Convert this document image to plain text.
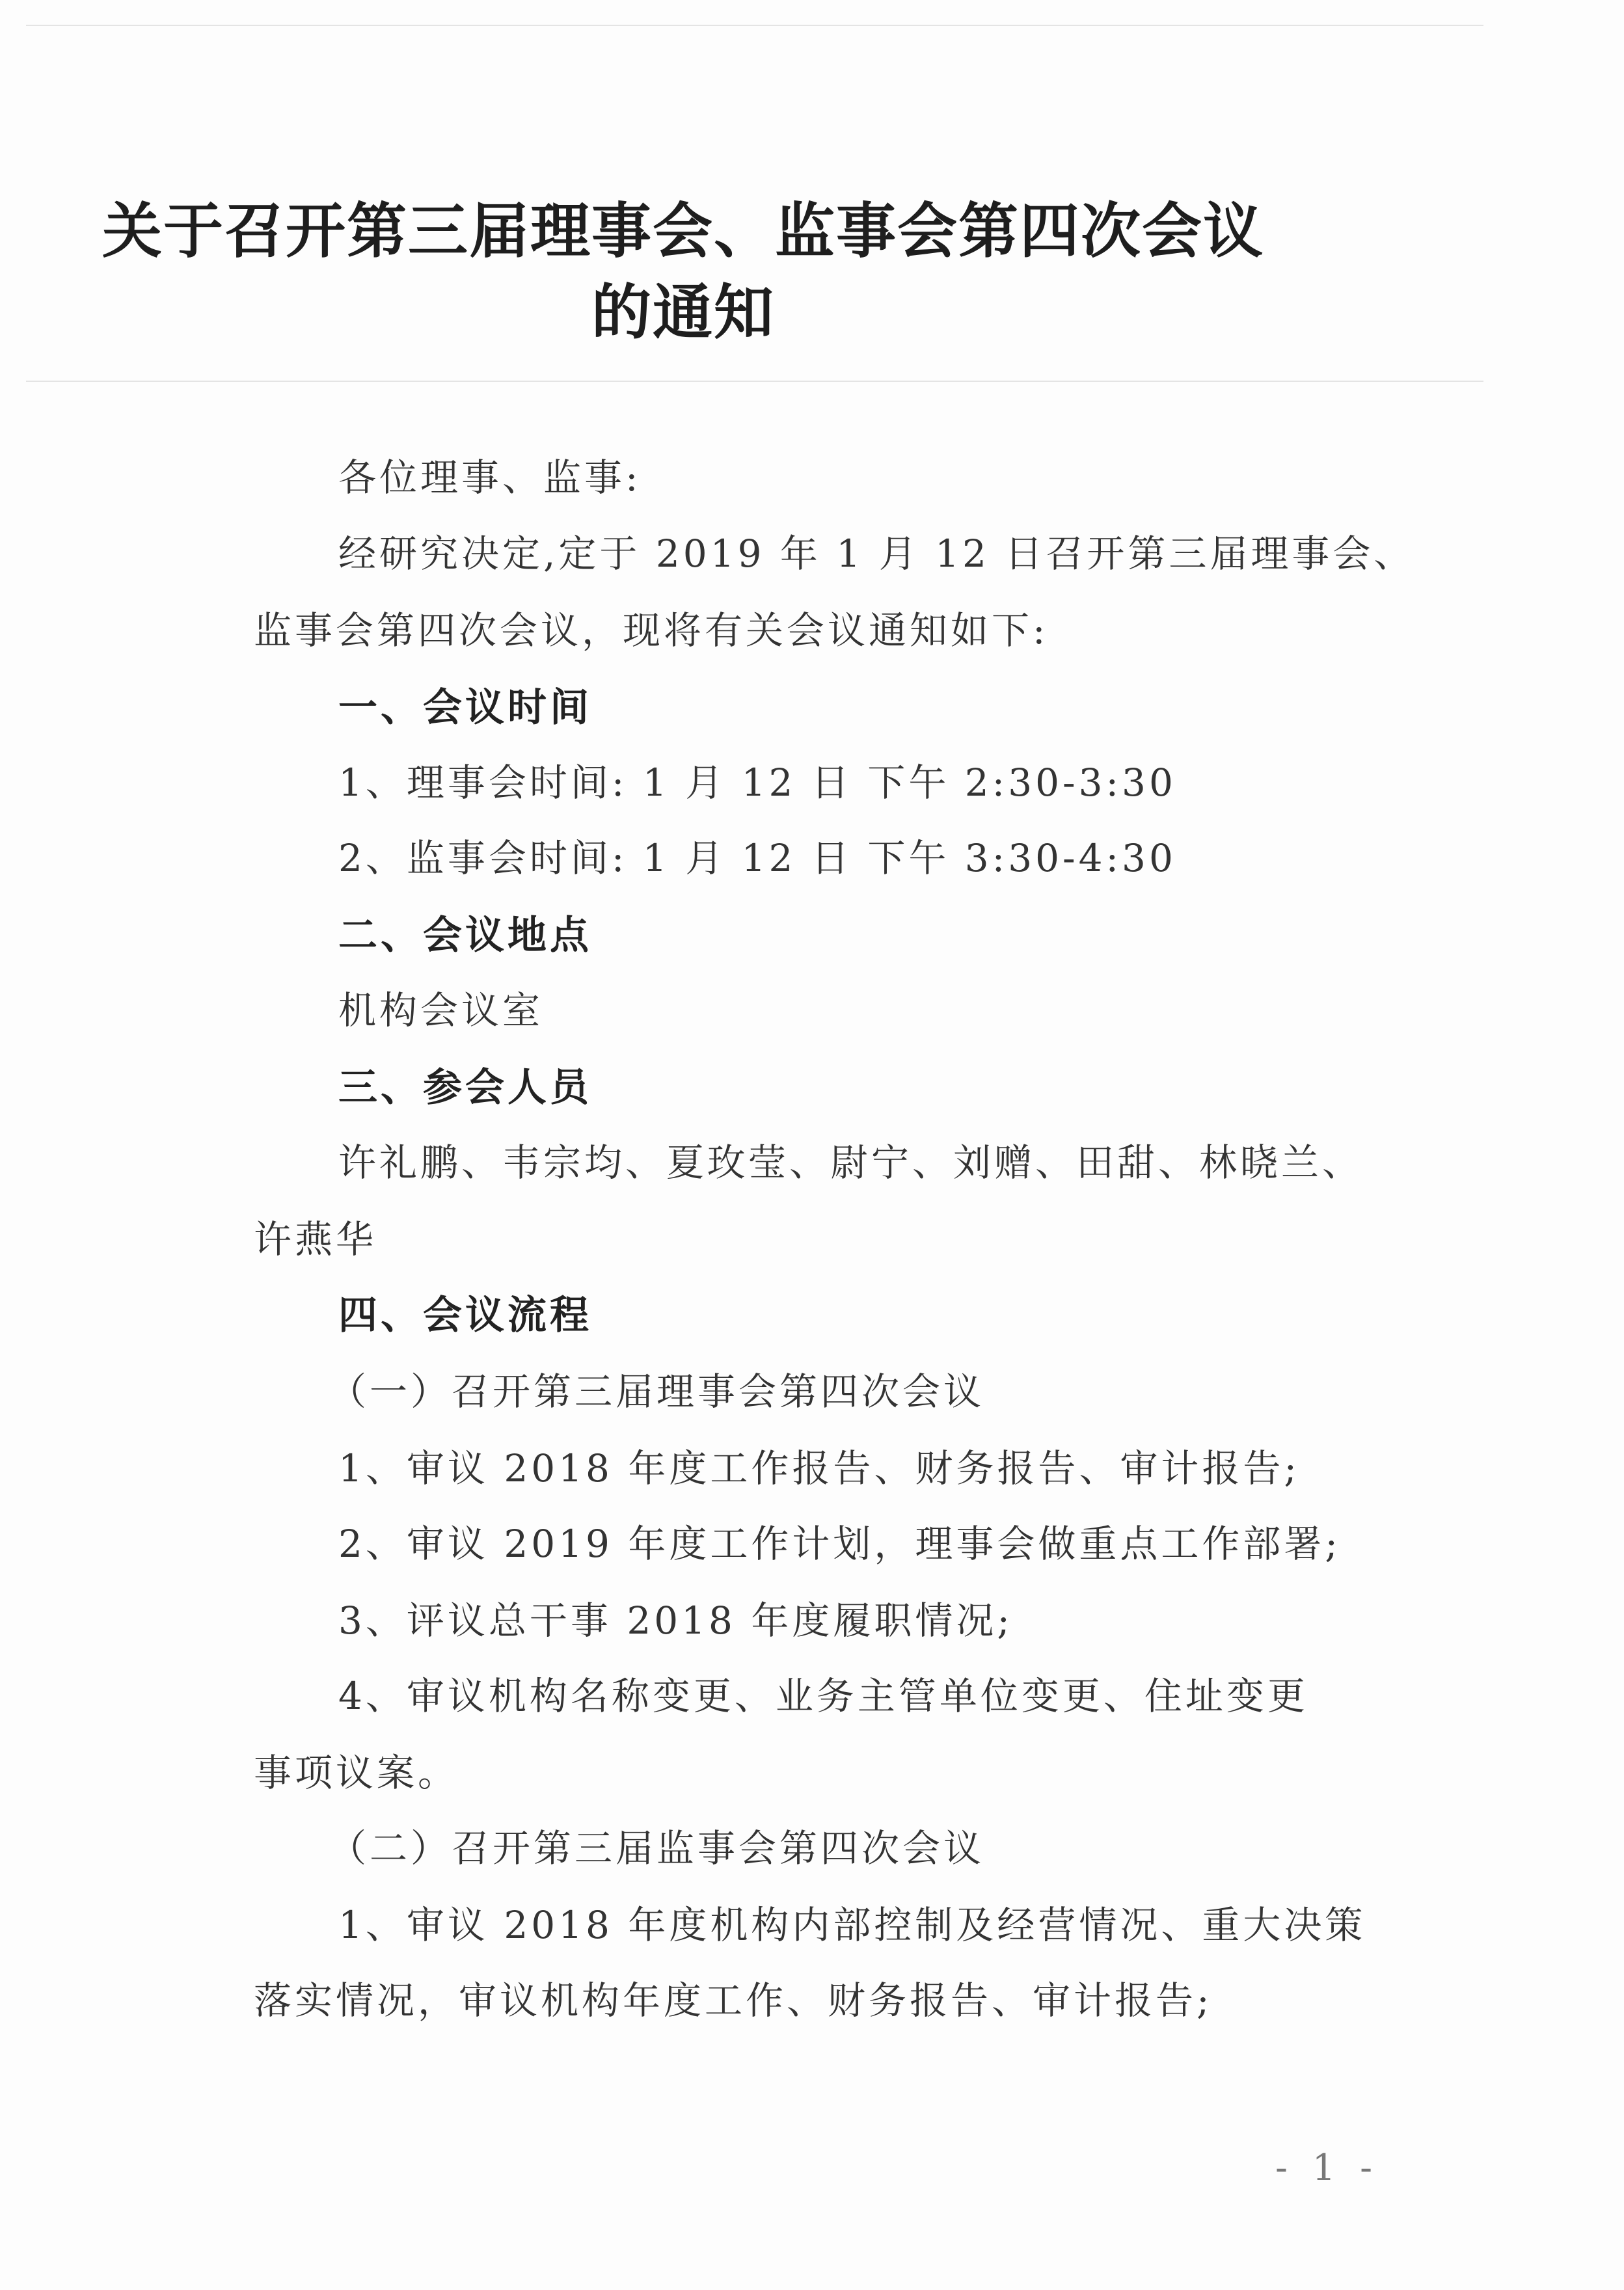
关于召开第三届理事会、监事会第四次会议
的通知
各位理事、监事:
经研究决定,定于 2019 年 1 月 12 日召开第三届理事会、
监事会第四次会议，现将有关会议通知如下:
一、会议时间
1、理事会时间: 1 月 12 日 下午 2:30-3:30
2、监事会时间: 1 月 12 日 下午 3:30-4:30
二、会议地点
机构会议室
三、参会人员
许礼鹏、韦宗均、夏玫莹、尉宁、刘赠、田甜、林晓兰、
许燕华
四、会议流程
（一）召开第三届理事会第四次会议
1、审议 2018 年度工作报告、财务报告、审计报告;
2、审议 2019 年度工作计划，理事会做重点工作部署;
3、评议总干事 2018 年度履职情况;
4、审议机构名称变更、业务主管单位变更、住址变更
事项议案。
（二）召开第三届监事会第四次会议
1、审议 2018 年度机构内部控制及经营情况、重大决策
落实情况，审议机构年度工作、财务报告、审计报告;
- 1 -
